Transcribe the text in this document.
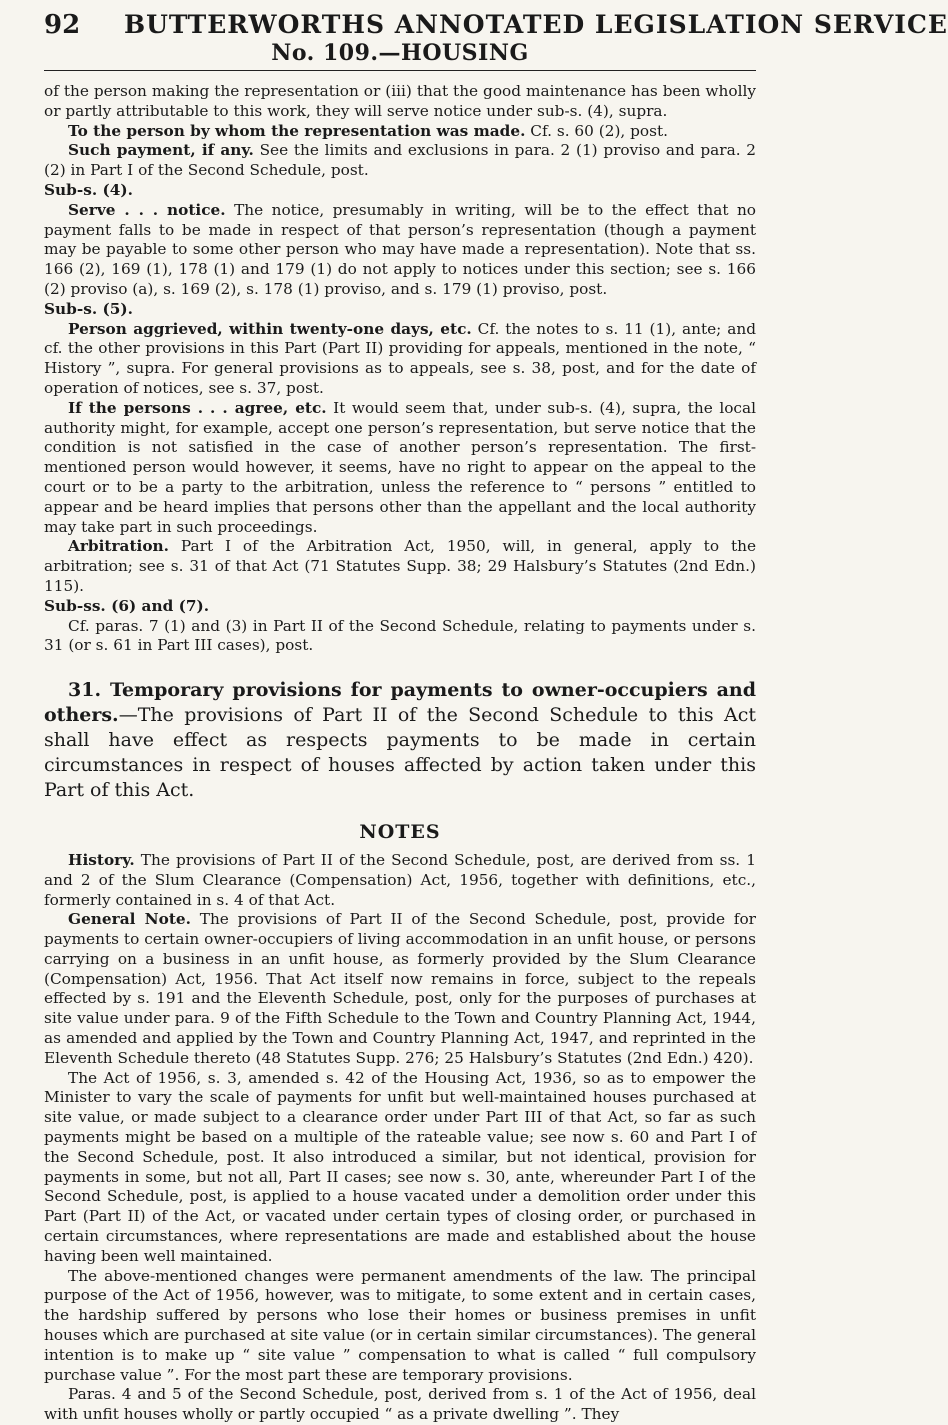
92 BUTTERWORTHS ANNOTATED LEGISLATION SERVICE
No. 109.—HOUSING

of the person making the representation or (iii) that the good maintenance has been wholly or partly attributable to this work, they will serve notice under sub-s. (4), supra.

To the person by whom the representation was made. Cf. s. 60 (2), post.

Such payment, if any. See the limits and exclusions in para. 2 (1) proviso and para. 2 (2) in Part I of the Second Schedule, post.

Sub-s. (4).

Serve . . . notice. The notice, presumably in writing, will be to the effect that no payment falls to be made in respect of that person’s representation (though a payment may be payable to some other person who may have made a representation). Note that ss. 166 (2), 169 (1), 178 (1) and 179 (1) do not apply to notices under this section; see s. 166 (2) proviso (a), s. 169 (2), s. 178 (1) proviso, and s. 179 (1) proviso, post.

Sub-s. (5).

Person aggrieved, within twenty-one days, etc. Cf. the notes to s. 11 (1), ante; and cf. the other provisions in this Part (Part II) providing for appeals, mentioned in the note, “ History ”, supra. For general provisions as to appeals, see s. 38, post, and for the date of operation of notices, see s. 37, post.

If the persons . . . agree, etc. It would seem that, under sub-s. (4), supra, the local authority might, for example, accept one person’s representation, but serve notice that the condition is not satisfied in the case of another person’s representation. The first-mentioned person would however, it seems, have no right to appear on the appeal to the court or to be a party to the arbitration, unless the reference to “ persons ” entitled to appear and be heard implies that persons other than the appellant and the local authority may take part in such proceedings.

Arbitration. Part I of the Arbitration Act, 1950, will, in general, apply to the arbitration; see s. 31 of that Act (71 Statutes Supp. 38; 29 Halsbury’s Statutes (2nd Edn.) 115).

Sub-ss. (6) and (7).

Cf. paras. 7 (1) and (3) in Part II of the Second Schedule, relating to payments under s. 31 (or s. 61 in Part III cases), post.

31. Temporary provisions for payments to owner-occupiers and others.—The provisions of Part II of the Second Schedule to this Act shall have effect as respects payments to be made in certain circumstances in respect of houses affected by action taken under this Part of this Act.

NOTES

History. The provisions of Part II of the Second Schedule, post, are derived from ss. 1 and 2 of the Slum Clearance (Compensation) Act, 1956, together with definitions, etc., formerly contained in s. 4 of that Act.

General Note. The provisions of Part II of the Second Schedule, post, provide for payments to certain owner-occupiers of living accommodation in an unfit house, or persons carrying on a business in an unfit house, as formerly provided by the Slum Clearance (Compensation) Act, 1956. That Act itself now remains in force, subject to the repeals effected by s. 191 and the Eleventh Schedule, post, only for the purposes of purchases at site value under para. 9 of the Fifth Schedule to the Town and Country Planning Act, 1944, as amended and applied by the Town and Country Planning Act, 1947, and reprinted in the Eleventh Schedule thereto (48 Statutes Supp. 276; 25 Halsbury’s Statutes (2nd Edn.) 420).

The Act of 1956, s. 3, amended s. 42 of the Housing Act, 1936, so as to empower the Minister to vary the scale of payments for unfit but well-maintained houses purchased at site value, or made subject to a clearance order under Part III of that Act, so far as such payments might be based on a multiple of the rateable value; see now s. 60 and Part I of the Second Schedule, post. It also introduced a similar, but not identical, provision for payments in some, but not all, Part II cases; see now s. 30, ante, whereunder Part I of the Second Schedule, post, is applied to a house vacated under a demolition order under this Part (Part II) of the Act, or vacated under certain types of closing order, or purchased in certain circumstances, where representations are made and established about the house having been well maintained.

The above-mentioned changes were permanent amendments of the law. The principal purpose of the Act of 1956, however, was to mitigate, to some extent and in certain cases, the hardship suffered by persons who lose their homes or business premises in unfit houses which are purchased at site value (or in certain similar circumstances). The general intention is to make up “ site value ” compensation to what is called “ full compulsory purchase value ”. For the most part these are temporary provisions.

Paras. 4 and 5 of the Second Schedule, post, derived from s. 1 of the Act of 1956, deal with unfit houses wholly or partly occupied “ as a private dwelling ”. They
